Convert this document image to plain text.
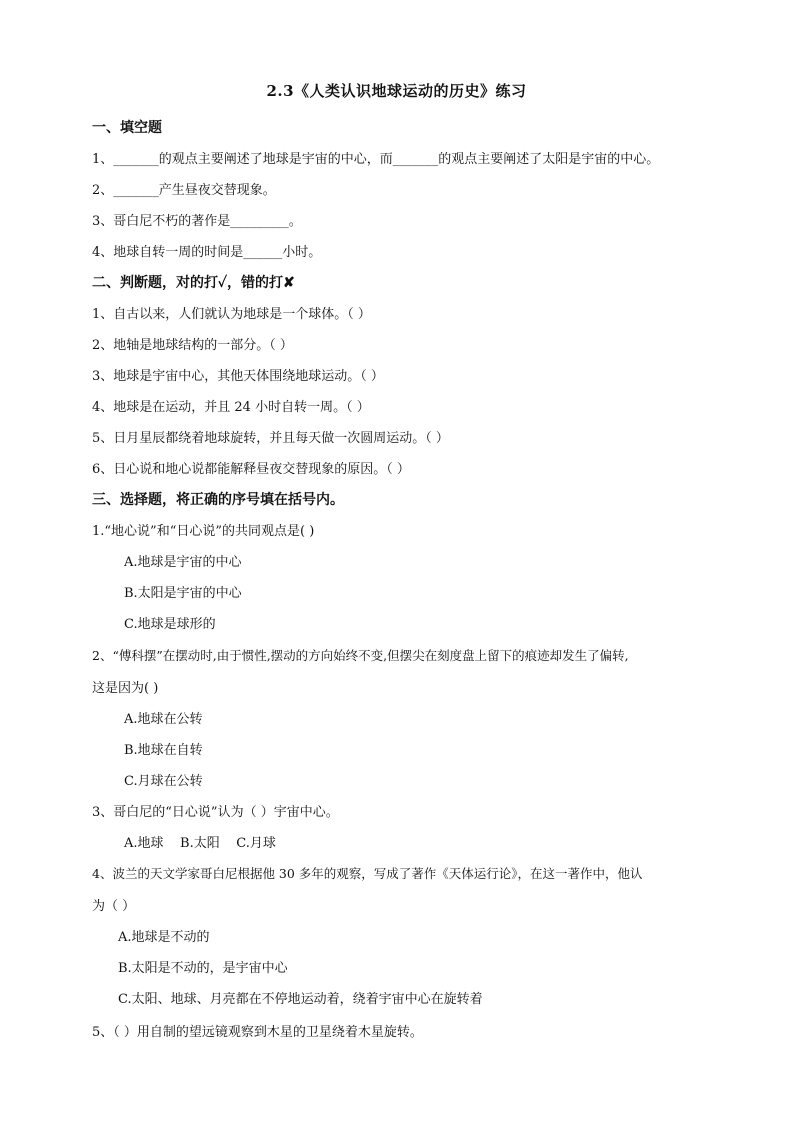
2.3《人类认识地球运动的历史》练习
一、填空题
1、_______的观点主要阐述了地球是宇宙的中心，而_______的观点主要阐述了太阳是宇宙的中心。
2、_______产生昼夜交替现象。
3、哥白尼不朽的著作是_________。
4、地球自转一周的时间是______小时。
二、判断题，对的打✓，错的打✘
1、自古以来，人们就认为地球是一个球体。（ ）
2、地轴是地球结构的一部分。（ ）
3、地球是宇宙中心，其他天体围绕地球运动。（ ）
4、地球是在运动，并且 24 小时自转一周。（ ）
5、日月星辰都绕着地球旋转，并且每天做一次圆周运动。（ ）
6、日心说和地心说都能解释昼夜交替现象的原因。（ ）
三、选择题，将正确的序号填在括号内。
1.“地心说”和“日心说”的共同观点是( )
A.地球是宇宙的中心
B.太阳是宇宙的中心
C.地球是球形的
2、“傅科摆”在摆动时,由于惯性,摆动的方向始终不变,但摆尖在刻度盘上留下的痕迹却发生了偏转,
这是因为( )
A.地球在公转
B.地球在自转
C.月球在公转
3、哥白尼的“日心说”认为（ ）宇宙中心。
A.地球    B.太阳    C.月球
4、波兰的天文学家哥白尼根据他 30 多年的观察，写成了著作《天体运行论》，在这一著作中，他认
为（ ）
A.地球是不动的
B.太阳是不动的，是宇宙中心
C.太阳、地球、月亮都在不停地运动着，绕着宇宙中心在旋转着
5、（ ）用自制的望远镜观察到木星的卫星绕着木星旋转。
